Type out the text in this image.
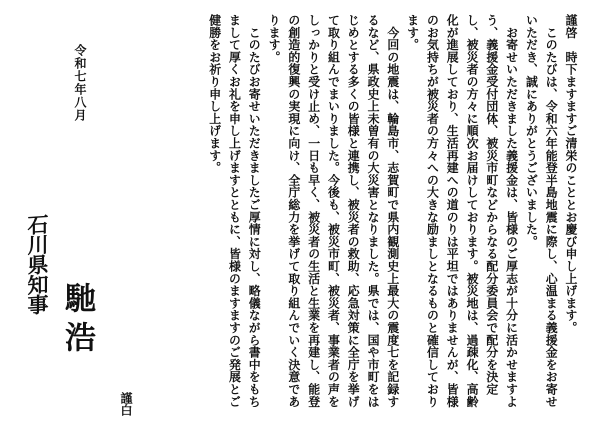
謹啓　時下ますますご清栄のこととお慶び申し上げます。

　このたびは、令和六年能登半島地震に際し、心温まる義援金をお寄せいただき、誠にありがとうございました。

　お寄せいただきました義援金は、皆様のご厚志が十分に活かせますよう、義援金受付団体、被災市町などからなる配分委員会で配分を決定し、被災者の方々に順次お届けしております。被災地は、過疎化、高齢化が進展しており、生活再建への道のりは平坦ではありませんが、皆様のお気持ちが被災者の方々への大きな励ましとなるものと確信しております。

　今回の地震は、輪島市、志賀町で県内観測史上最大の震度七を記録するなど、県政史上未曽有の大災害となりました。県では、国や市町をはじめとする多くの皆様と連携し、被災者の救助、応急対策に全庁を挙げて取り組んでまいりました。今後も、被災市町、被災者、事業者の声をしっかりと受け止め、一日も早く、被災者の生活と生業を再建し、能登の創造的復興の実現に向け、全庁総力を挙げて取り組んでいく決意であります。

　このたびお寄せいただきましたご厚情に対し、略儀ながら書中をもちまして厚くお礼を申し上げますとともに、皆様のますますのご発展とご健勝をお祈り申し上げます。

謹白
令和七年八月
石川県知事
馳浩
